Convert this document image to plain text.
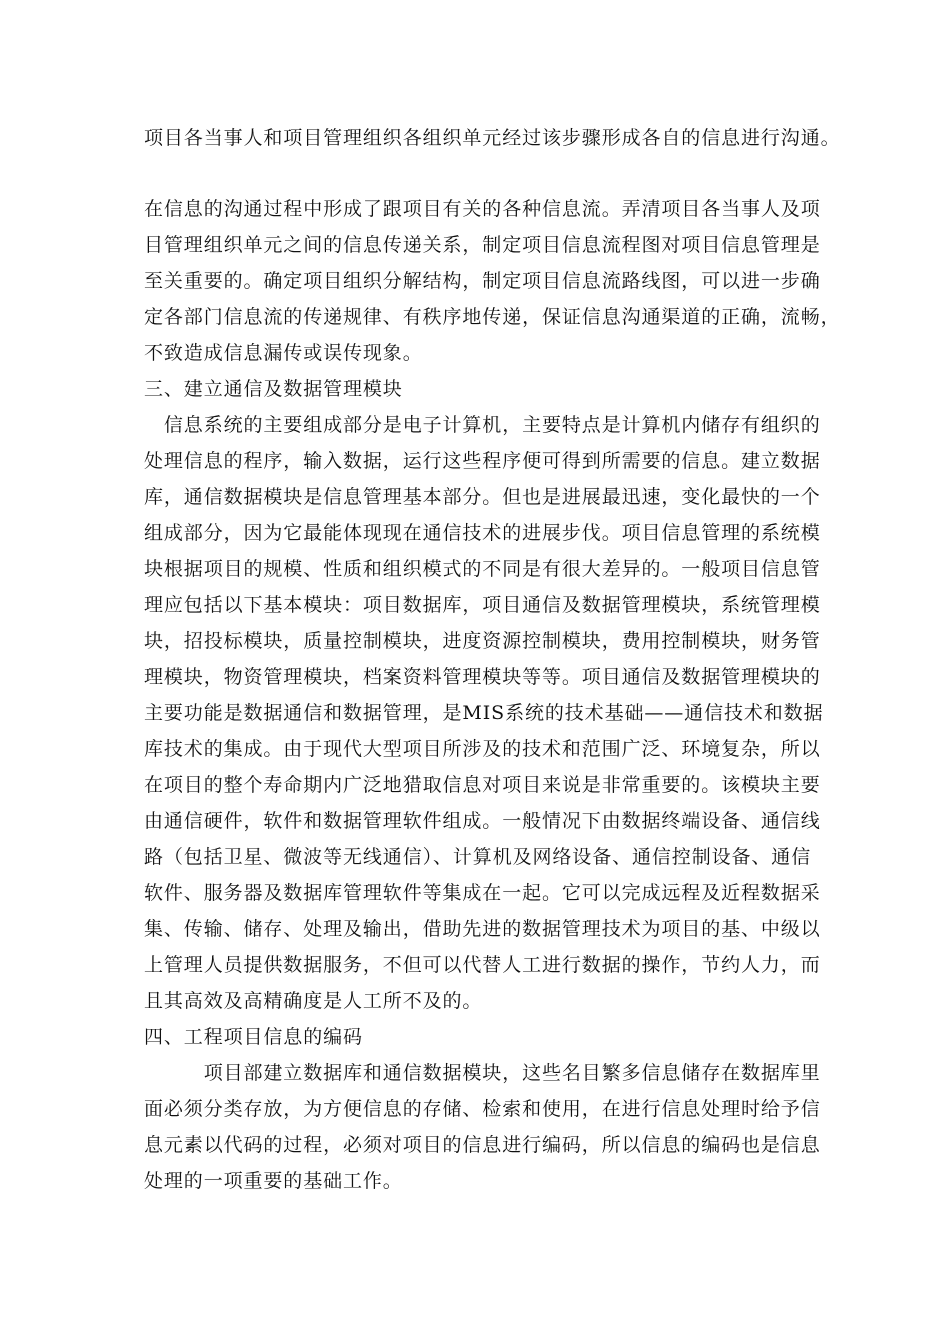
项目各当事人和项目管理组织各组织单元经过该步骤形成各自的信息进行沟通。
在信息的沟通过程中形成了跟项目有关的各种信息流。弄清项目各当事人及项
目管理组织单元之间的信息传递关系，制定项目信息流程图对项目信息管理是
至关重要的。确定项目组织分解结构，制定项目信息流路线图，可以进一步确
定各部门信息流的传递规律、有秩序地传递，保证信息沟通渠道的正确，流畅，
不致造成信息漏传或误传现象。
三、建立通信及数据管理模块
　信息系统的主要组成部分是电子计算机，主要特点是计算机内储存有组织的
处理信息的程序，输入数据，运行这些程序便可得到所需要的信息。建立数据
库，通信数据模块是信息管理基本部分。但也是进展最迅速，变化最快的一个
组成部分，因为它最能体现现在通信技术的进展步伐。项目信息管理的系统模
块根据项目的规模、性质和组织模式的不同是有很大差异的。一般项目信息管
理应包括以下基本模块：项目数据库，项目通信及数据管理模块，系统管理模
块，招投标模块，质量控制模块，进度资源控制模块，费用控制模块，财务管
理模块，物资管理模块，档案资料管理模块等等。项目通信及数据管理模块的
主要功能是数据通信和数据管理，是MIS系统的技术基础——通信技术和数据
库技术的集成。由于现代大型项目所涉及的技术和范围广泛、环境复杂，所以
在项目的整个寿命期内广泛地猎取信息对项目来说是非常重要的。该模块主要
由通信硬件，软件和数据管理软件组成。一般情况下由数据终端设备、通信线
路（包括卫星、微波等无线通信）、计算机及网络设备、通信控制设备、通信
软件、服务器及数据库管理软件等集成在一起。它可以完成远程及近程数据采
集、传输、储存、处理及输出，借助先进的数据管理技术为项目的基、中级以
上管理人员提供数据服务，不但可以代替人工进行数据的操作，节约人力，而
且其高效及高精确度是人工所不及的。
四、工程项目信息的编码
　　　项目部建立数据库和通信数据模块，这些名目繁多信息储存在数据库里
面必须分类存放，为方便信息的存储、检索和使用，在进行信息处理时给予信
息元素以代码的过程，必须对项目的信息进行编码，所以信息的编码也是信息
处理的一项重要的基础工作。
